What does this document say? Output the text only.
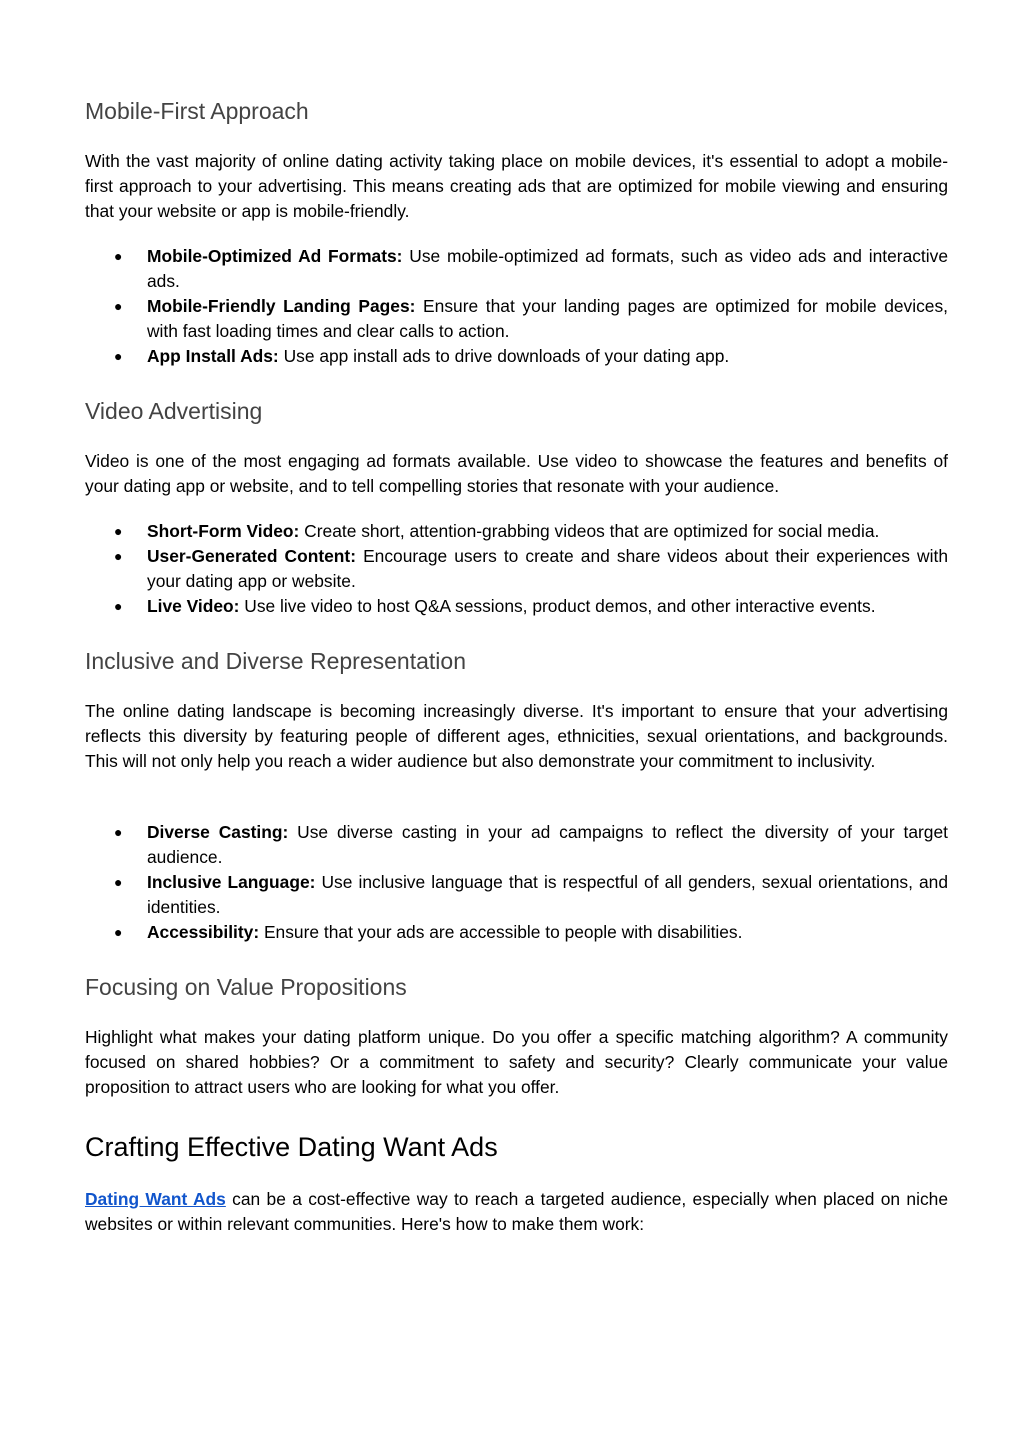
Mobile-First Approach

With the vast majority of online dating activity taking place on mobile devices, it's essential to adopt a mobile-first approach to your advertising. This means creating ads that are optimized for mobile viewing and ensuring that your website or app is mobile-friendly.

● Mobile-Optimized Ad Formats: Use mobile-optimized ad formats, such as video ads and interactive ads.
● Mobile-Friendly Landing Pages: Ensure that your landing pages are optimized for mobile devices, with fast loading times and clear calls to action.
● App Install Ads: Use app install ads to drive downloads of your dating app.
Video Advertising

Video is one of the most engaging ad formats available. Use video to showcase the features and benefits of your dating app or website, and to tell compelling stories that resonate with your audience.

● Short-Form Video: Create short, attention-grabbing videos that are optimized for social media.
● User-Generated Content: Encourage users to create and share videos about their experiences with your dating app or website.
● Live Video: Use live video to host Q&A sessions, product demos, and other interactive events.
Inclusive and Diverse Representation

The online dating landscape is becoming increasingly diverse. It's important to ensure that your advertising reflects this diversity by featuring people of different ages, ethnicities, sexual orientations, and backgrounds. This will not only help you reach a wider audience but also demonstrate your commitment to inclusivity.

● Diverse Casting: Use diverse casting in your ad campaigns to reflect the diversity of your target audience.
● Inclusive Language: Use inclusive language that is respectful of all genders, sexual orientations, and identities.
● Accessibility: Ensure that your ads are accessible to people with disabilities.
Focusing on Value Propositions

Highlight what makes your dating platform unique. Do you offer a specific matching algorithm? A community focused on shared hobbies? Or a commitment to safety and security? Clearly communicate your value proposition to attract users who are looking for what you offer.

Crafting Effective Dating Want Ads

Dating Want Ads can be a cost-effective way to reach a targeted audience, especially when placed on niche websites or within relevant communities. Here's how to make them work:
